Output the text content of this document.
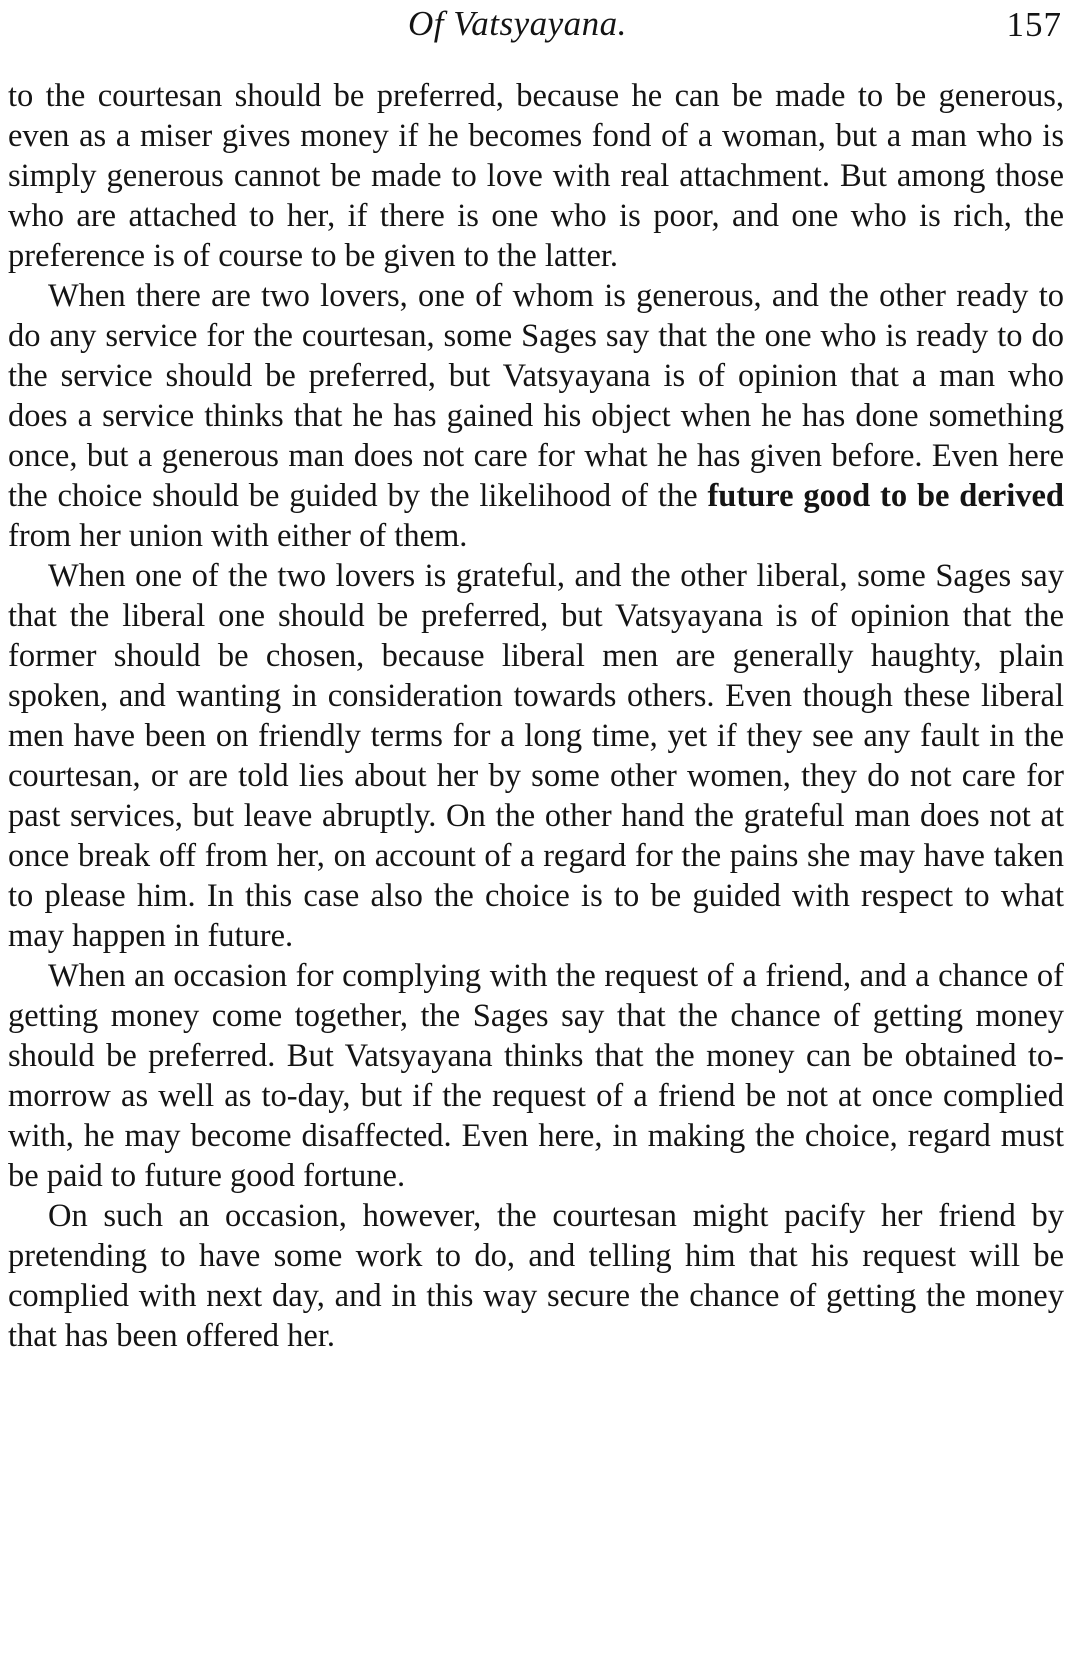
Of Vatsyayana.	157

to the courtesan should be preferred, because he can be made to be generous, even as a miser gives money if he becomes fond of a woman, but a man who is simply generous cannot be made to love with real attachment. But among those who are attached to her, if there is one who is poor, and one who is rich, the preference is of course to be given to the latter.

When there are two lovers, one of whom is generous, and the other ready to do any service for the courtesan, some Sages say that the one who is ready to do the service should be preferred, but Vatsyayana is of opinion that a man who does a service thinks that he has gained his object when he has done something once, but a generous man does not care for what he has given before. Even here the choice should be guided by the likelihood of the future good to be derived from her union with either of them.

When one of the two lovers is grateful, and the other liberal, some Sages say that the liberal one should be preferred, but Vatsyayana is of opinion that the former should be chosen, because liberal men are generally haughty, plain spoken, and wanting in consideration towards others. Even though these liberal men have been on friendly terms for a long time, yet if they see any fault in the courtesan, or are told lies about her by some other women, they do not care for past services, but leave abruptly. On the other hand the grateful man does not at once break off from her, on account of a regard for the pains she may have taken to please him. In this case also the choice is to be guided with respect to what may happen in future.

When an occasion for complying with the request of a friend, and a chance of getting money come together, the Sages say that the chance of getting money should be preferred. But Vatsyayana thinks that the money can be obtained to-morrow as well as to-day, but if the request of a friend be not at once complied with, he may become disaffected. Even here, in making the choice, regard must be paid to future good fortune.

On such an occasion, however, the courtesan might pacify her friend by pretending to have some work to do, and telling him that his request will be complied with next day, and in this way secure the chance of getting the money that has been offered her.
